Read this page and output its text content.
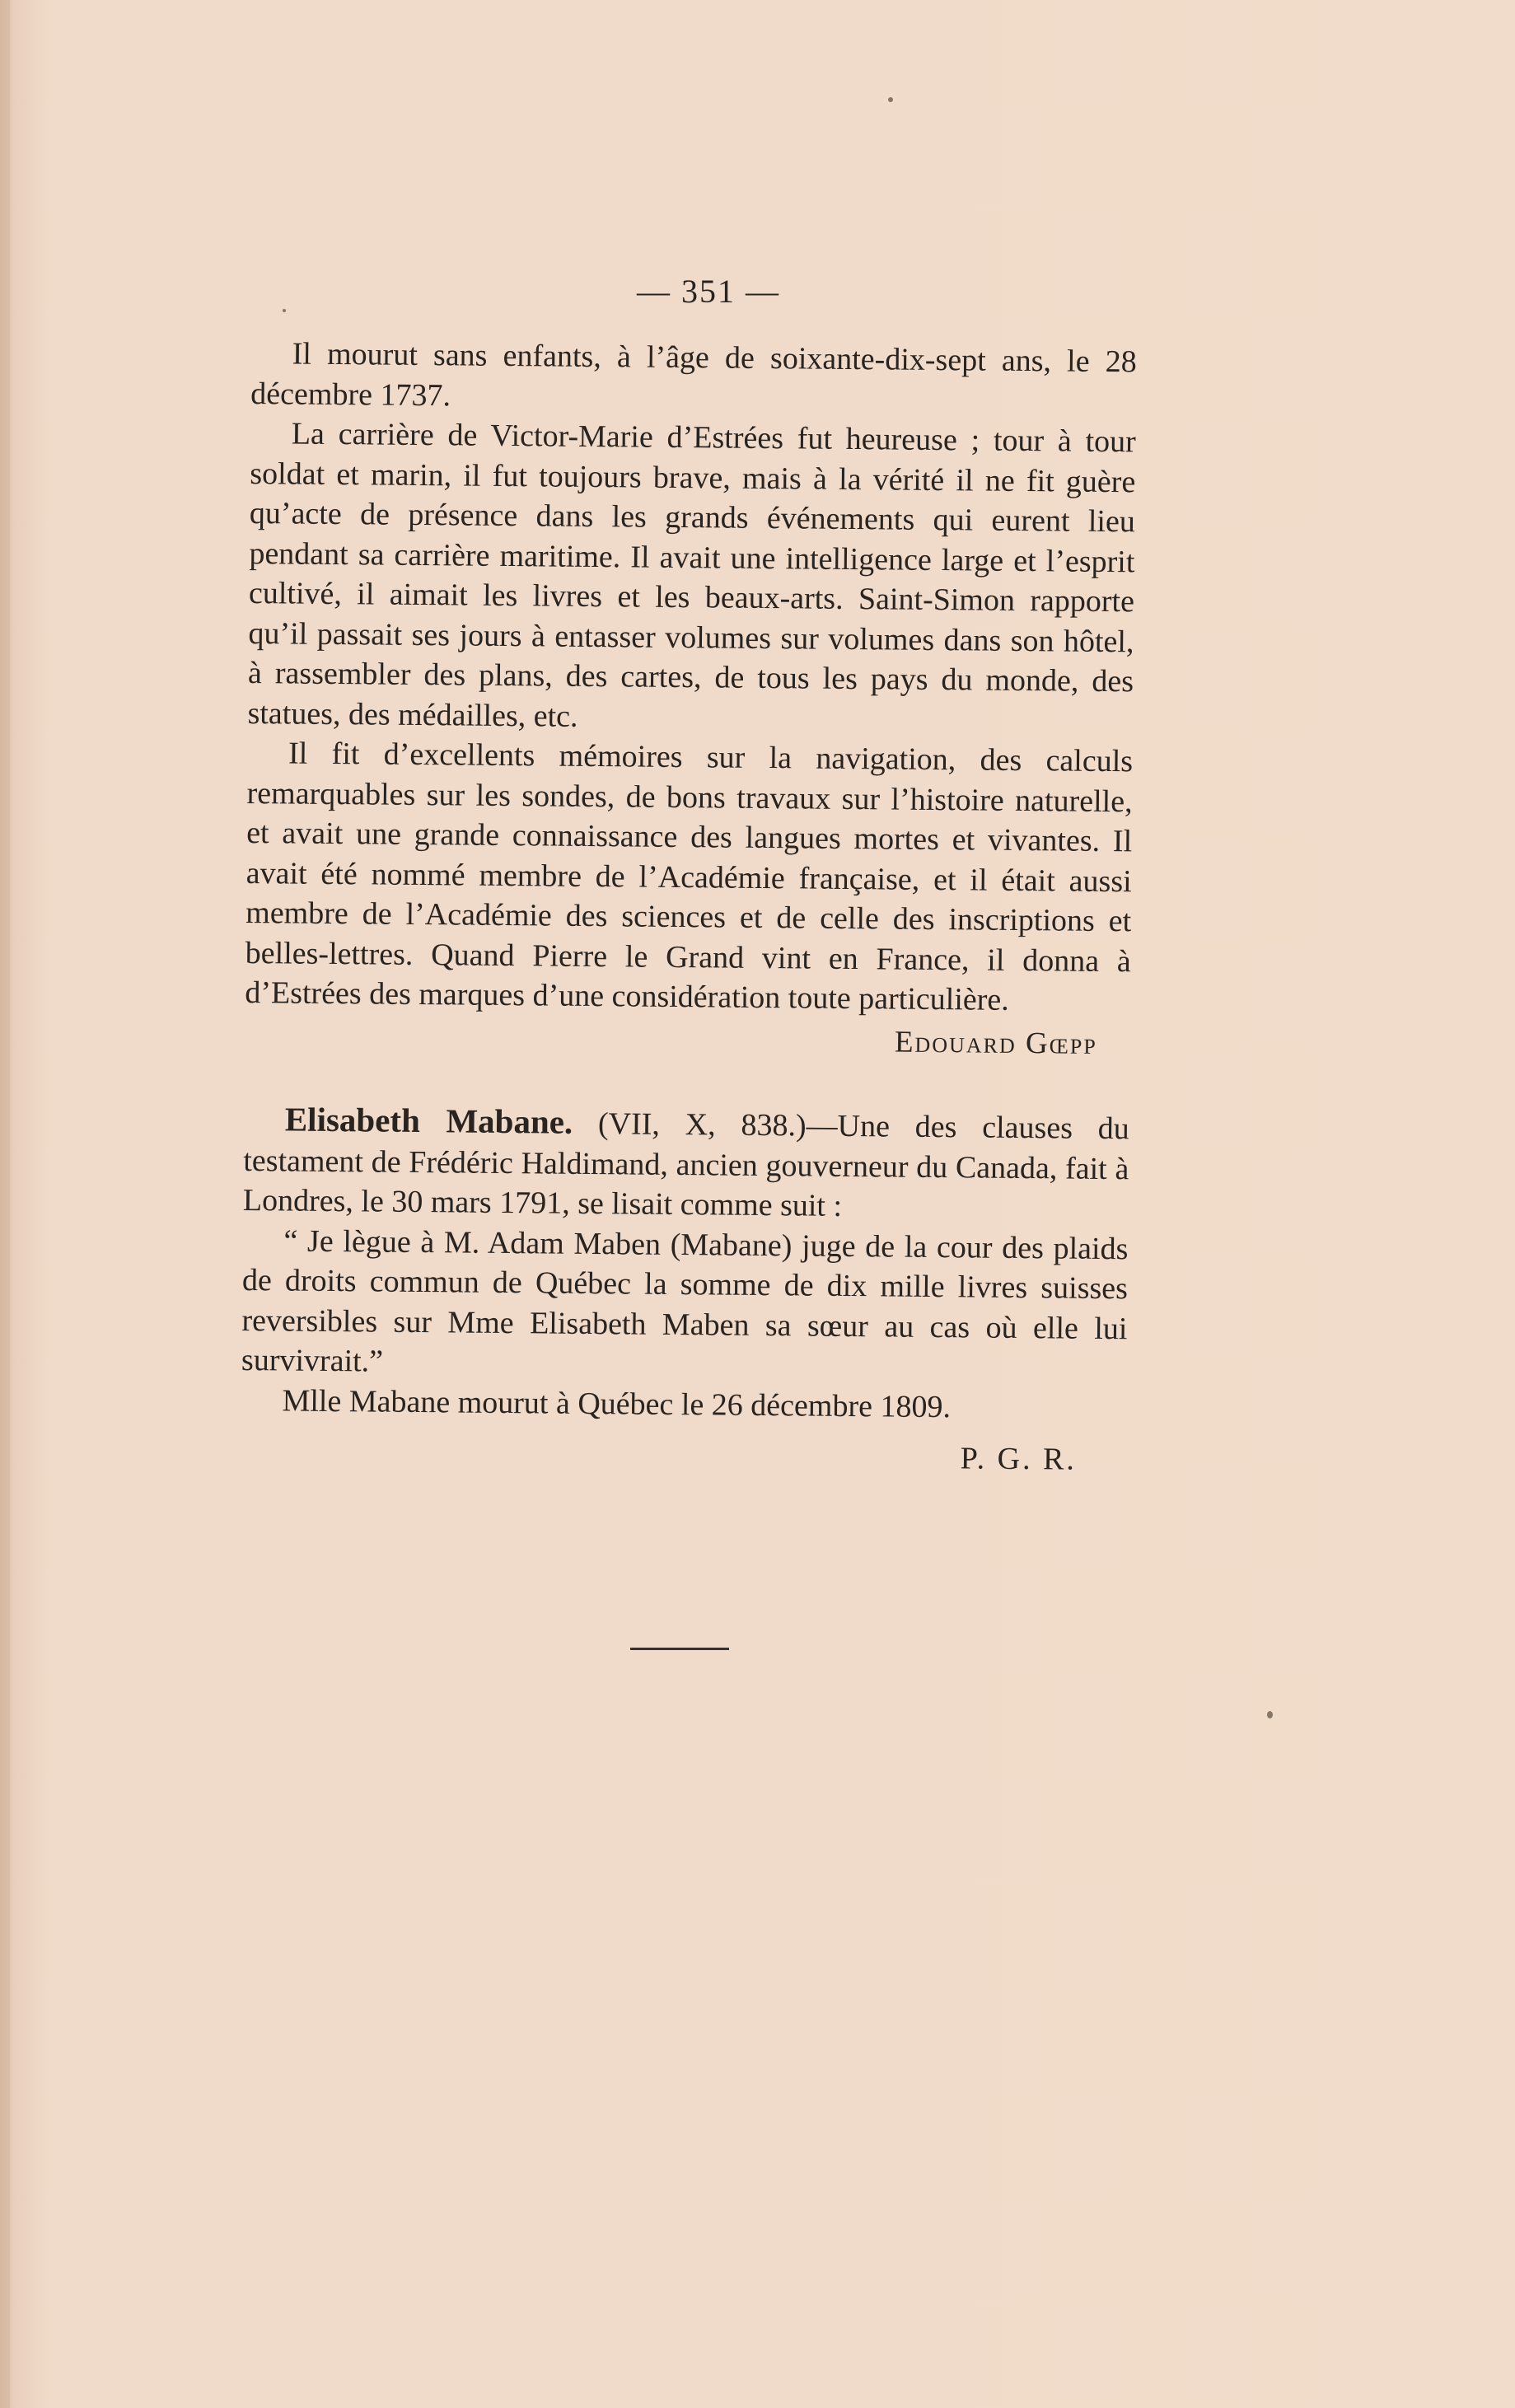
— 351 —

Il mourut sans enfants, à l’âge de soixante-dix-sept ans, le 28 décembre 1737.

La carrière de Victor-Marie d’Estrées fut heureuse ; tour à tour soldat et marin, il fut toujours brave, mais à la vérité il ne fit guère qu’acte de présence dans les grands événements qui eurent lieu pendant sa carrière maritime. Il avait une intelligence large et l’esprit cultivé, il aimait les livres et les beaux-arts. Saint-Simon rapporte qu’il passait ses jours à entasser volumes sur volumes dans son hôtel, à rassembler des plans, des cartes, de tous les pays du monde, des statues, des médailles, etc.

Il fit d’excellents mémoires sur la navigation, des calculs remarquables sur les sondes, de bons travaux sur l’histoire naturelle, et avait une grande connaissance des langues mortes et vivantes. Il avait été nommé membre de l’Académie française, et il était aussi membre de l’Académie des sciences et de celle des inscriptions et belles-lettres. Quand Pierre le Grand vint en France, il donna à d’Estrées des marques d’une considération toute particulière.

Edouard Gœpp

Elisabeth Mabane. (VII, X, 838.)—Une des clauses du testament de Frédéric Haldimand, ancien gouverneur du Canada, fait à Londres, le 30 mars 1791, se lisait comme suit :

“ Je lègue à M. Adam Maben (Mabane) juge de la cour des plaids de droits commun de Québec la somme de dix mille livres suisses reversibles sur Mme Elisabeth Maben sa sœur au cas où elle lui survivrait.”

Mlle Mabane mourut à Québec le 26 décembre 1809.

P. G. R.
